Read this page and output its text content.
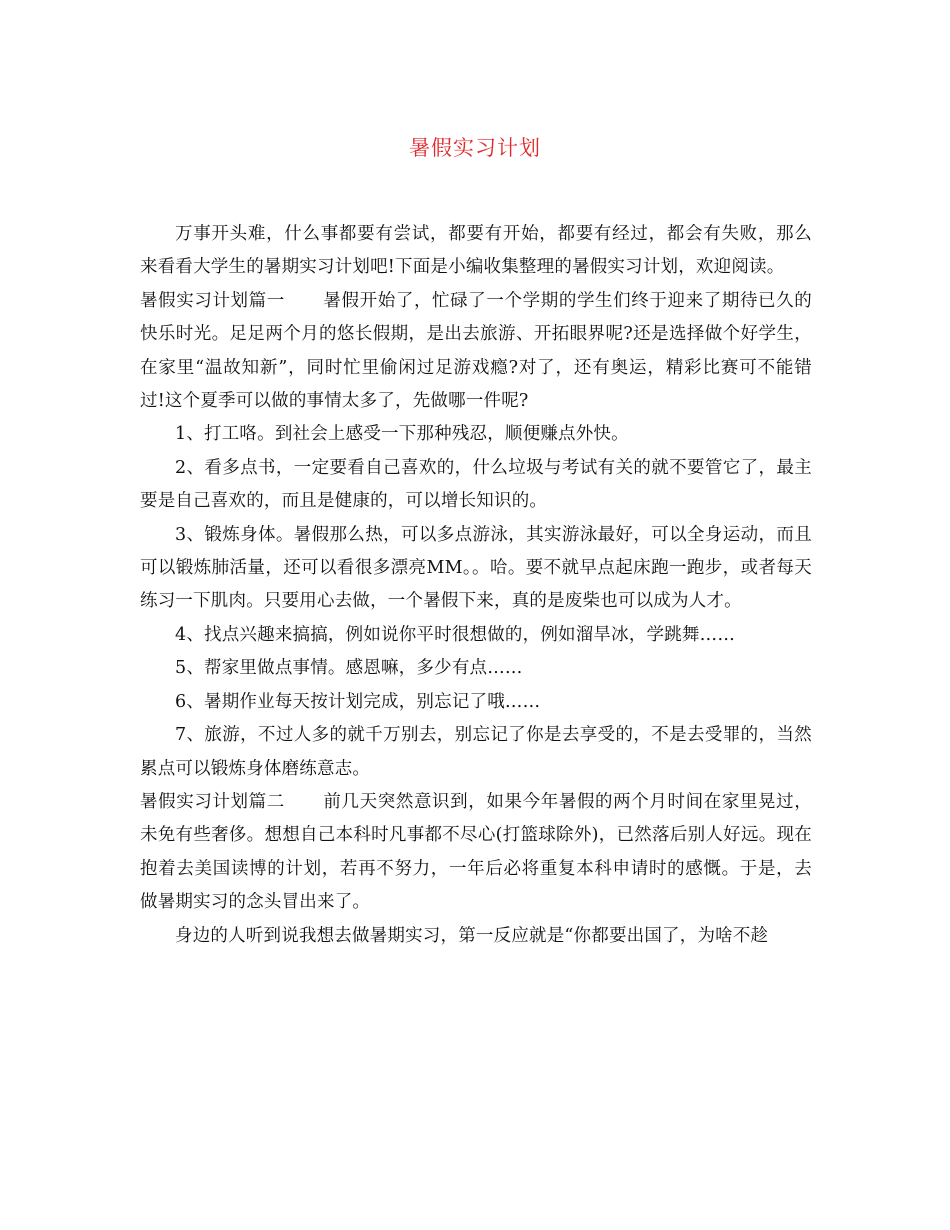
暑假实习计划

万事开头难，什么事都要有尝试，都要有开始，都要有经过，都会有失败，那么来看看大学生的暑期实习计划吧!下面是小编收集整理的暑假实习计划，欢迎阅读。

暑假实习计划篇一 暑假开始了，忙碌了一个学期的学生们终于迎来了期待已久的快乐时光。足足两个月的悠长假期，是出去旅游、开拓眼界呢?还是选择做个好学生，在家里“温故知新”，同时忙里偷闲过足游戏瘾?对了，还有奥运，精彩比赛可不能错过!这个夏季可以做的事情太多了，先做哪一件呢?

1、打工咯。到社会上感受一下那种残忍，顺便赚点外快。

2、看多点书，一定要看自己喜欢的，什么垃圾与考试有关的就不要管它了，最主要是自己喜欢的，而且是健康的，可以增长知识的。

3、锻炼身体。暑假那么热，可以多点游泳，其实游泳最好，可以全身运动，而且可以锻炼肺活量，还可以看很多漂亮MM。。哈。要不就早点起床跑一跑步，或者每天练习一下肌肉。只要用心去做，一个暑假下来，真的是废柴也可以成为人才。

4、找点兴趣来搞搞，例如说你平时很想做的，例如溜旱冰，学跳舞……

5、帮家里做点事情。感恩嘛，多少有点……

6、暑期作业每天按计划完成，别忘记了哦……

7、旅游，不过人多的就千万别去，别忘记了你是去享受的，不是去受罪的，当然累点可以锻炼身体磨练意志。

暑假实习计划篇二 前几天突然意识到，如果今年暑假的两个月时间在家里晃过，未免有些奢侈。想想自己本科时凡事都不尽心(打篮球除外)，已然落后别人好远。现在抱着去美国读博的计划，若再不努力，一年后必将重复本科申请时的感慨。于是，去做暑期实习的念头冒出来了。

身边的人听到说我想去做暑期实习，第一反应就是“你都要出国了，为啥不趁
